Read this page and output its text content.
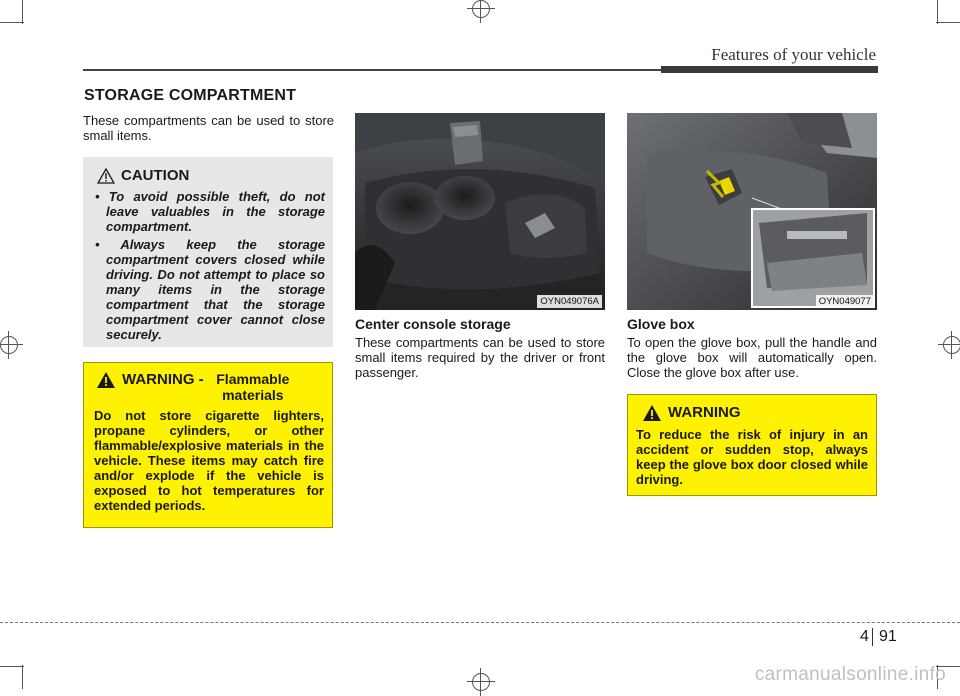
Features of your vehicle
STORAGE COMPARTMENT
These compartments can be used to store small items.
CAUTION
• To avoid possible theft, do not leave valuables in the storage compartment.
• Always keep the storage compartment covers closed while driving. Do not attempt to place so many items in the storage compartment that the storage compartment cover cannot close securely.
WARNING - Flammable materials
Do not store cigarette lighters, propane cylinders, or other flammable/explosive materials in the vehicle. These items may catch fire and/or explode if the vehicle is exposed to hot temperatures for extended periods.
OYN049076A	OYN049077
Center console storage
These compartments can be used to store small items required by the driver or front passenger.
Glove box
To open the glove box, pull the handle and the glove box will automatically open. Close the glove box after use.
WARNING
To reduce the risk of injury in an accident or sudden stop, always keep the glove box door closed while driving.
4 91
carmanualsonline.info
